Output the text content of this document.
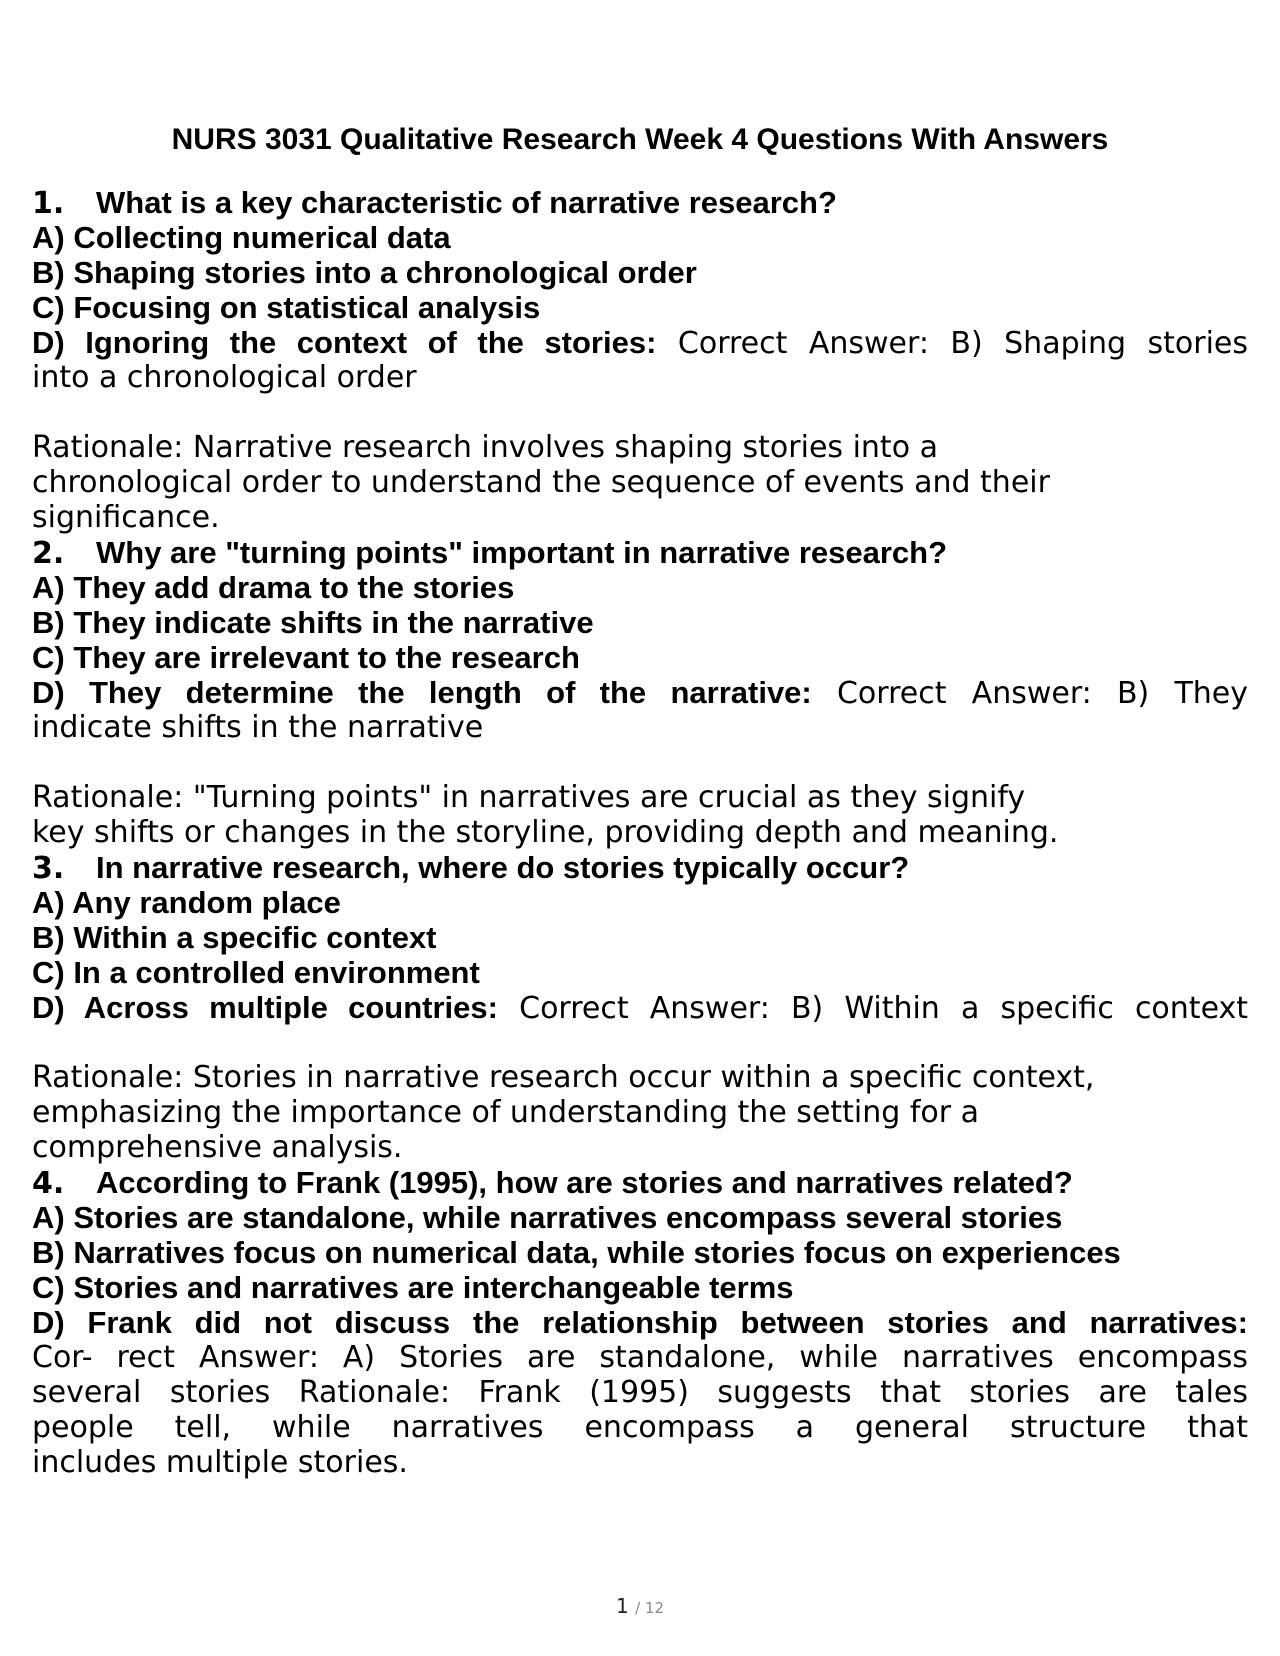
NURS 3031 Qualitative Research Week 4 Questions With Answers
1. What is a key characteristic of narrative research?
A) Collecting numerical data
B) Shaping stories into a chronological order
C) Focusing on statistical analysis
D) Ignoring the context of the stories: Correct Answer: B) Shaping stories
into a chronological order
Rationale: Narrative research involves shaping stories into a
chronological order to understand the sequence of events and their
significance.
2. Why are "turning points" important in narrative research?
A) They add drama to the stories
B) They indicate shifts in the narrative
C) They are irrelevant to the research
D) They determine the length of the narrative: Correct Answer: B) They
indicate shifts in the narrative
Rationale: "Turning points" in narratives are crucial as they signify
key shifts or changes in the storyline, providing depth and meaning.
3. In narrative research, where do stories typically occur?
A) Any random place
B) Within a specific context
C) In a controlled environment
D) Across multiple countries: Correct Answer: B) Within a specific context
Rationale: Stories in narrative research occur within a specific context,
emphasizing the importance of understanding the setting for a
comprehensive analysis.
4. According to Frank (1995), how are stories and narratives related?
A) Stories are standalone, while narratives encompass several stories
B) Narratives focus on numerical data, while stories focus on experiences
C) Stories and narratives are interchangeable terms
D) Frank did not discuss the relationship between stories and narratives:
Cor- rect Answer: A) Stories are standalone, while narratives encompass
several stories Rationale: Frank (1995) suggests that stories are tales
people tell, while narratives encompass a general structure that
includes multiple stories.
1 / 12
